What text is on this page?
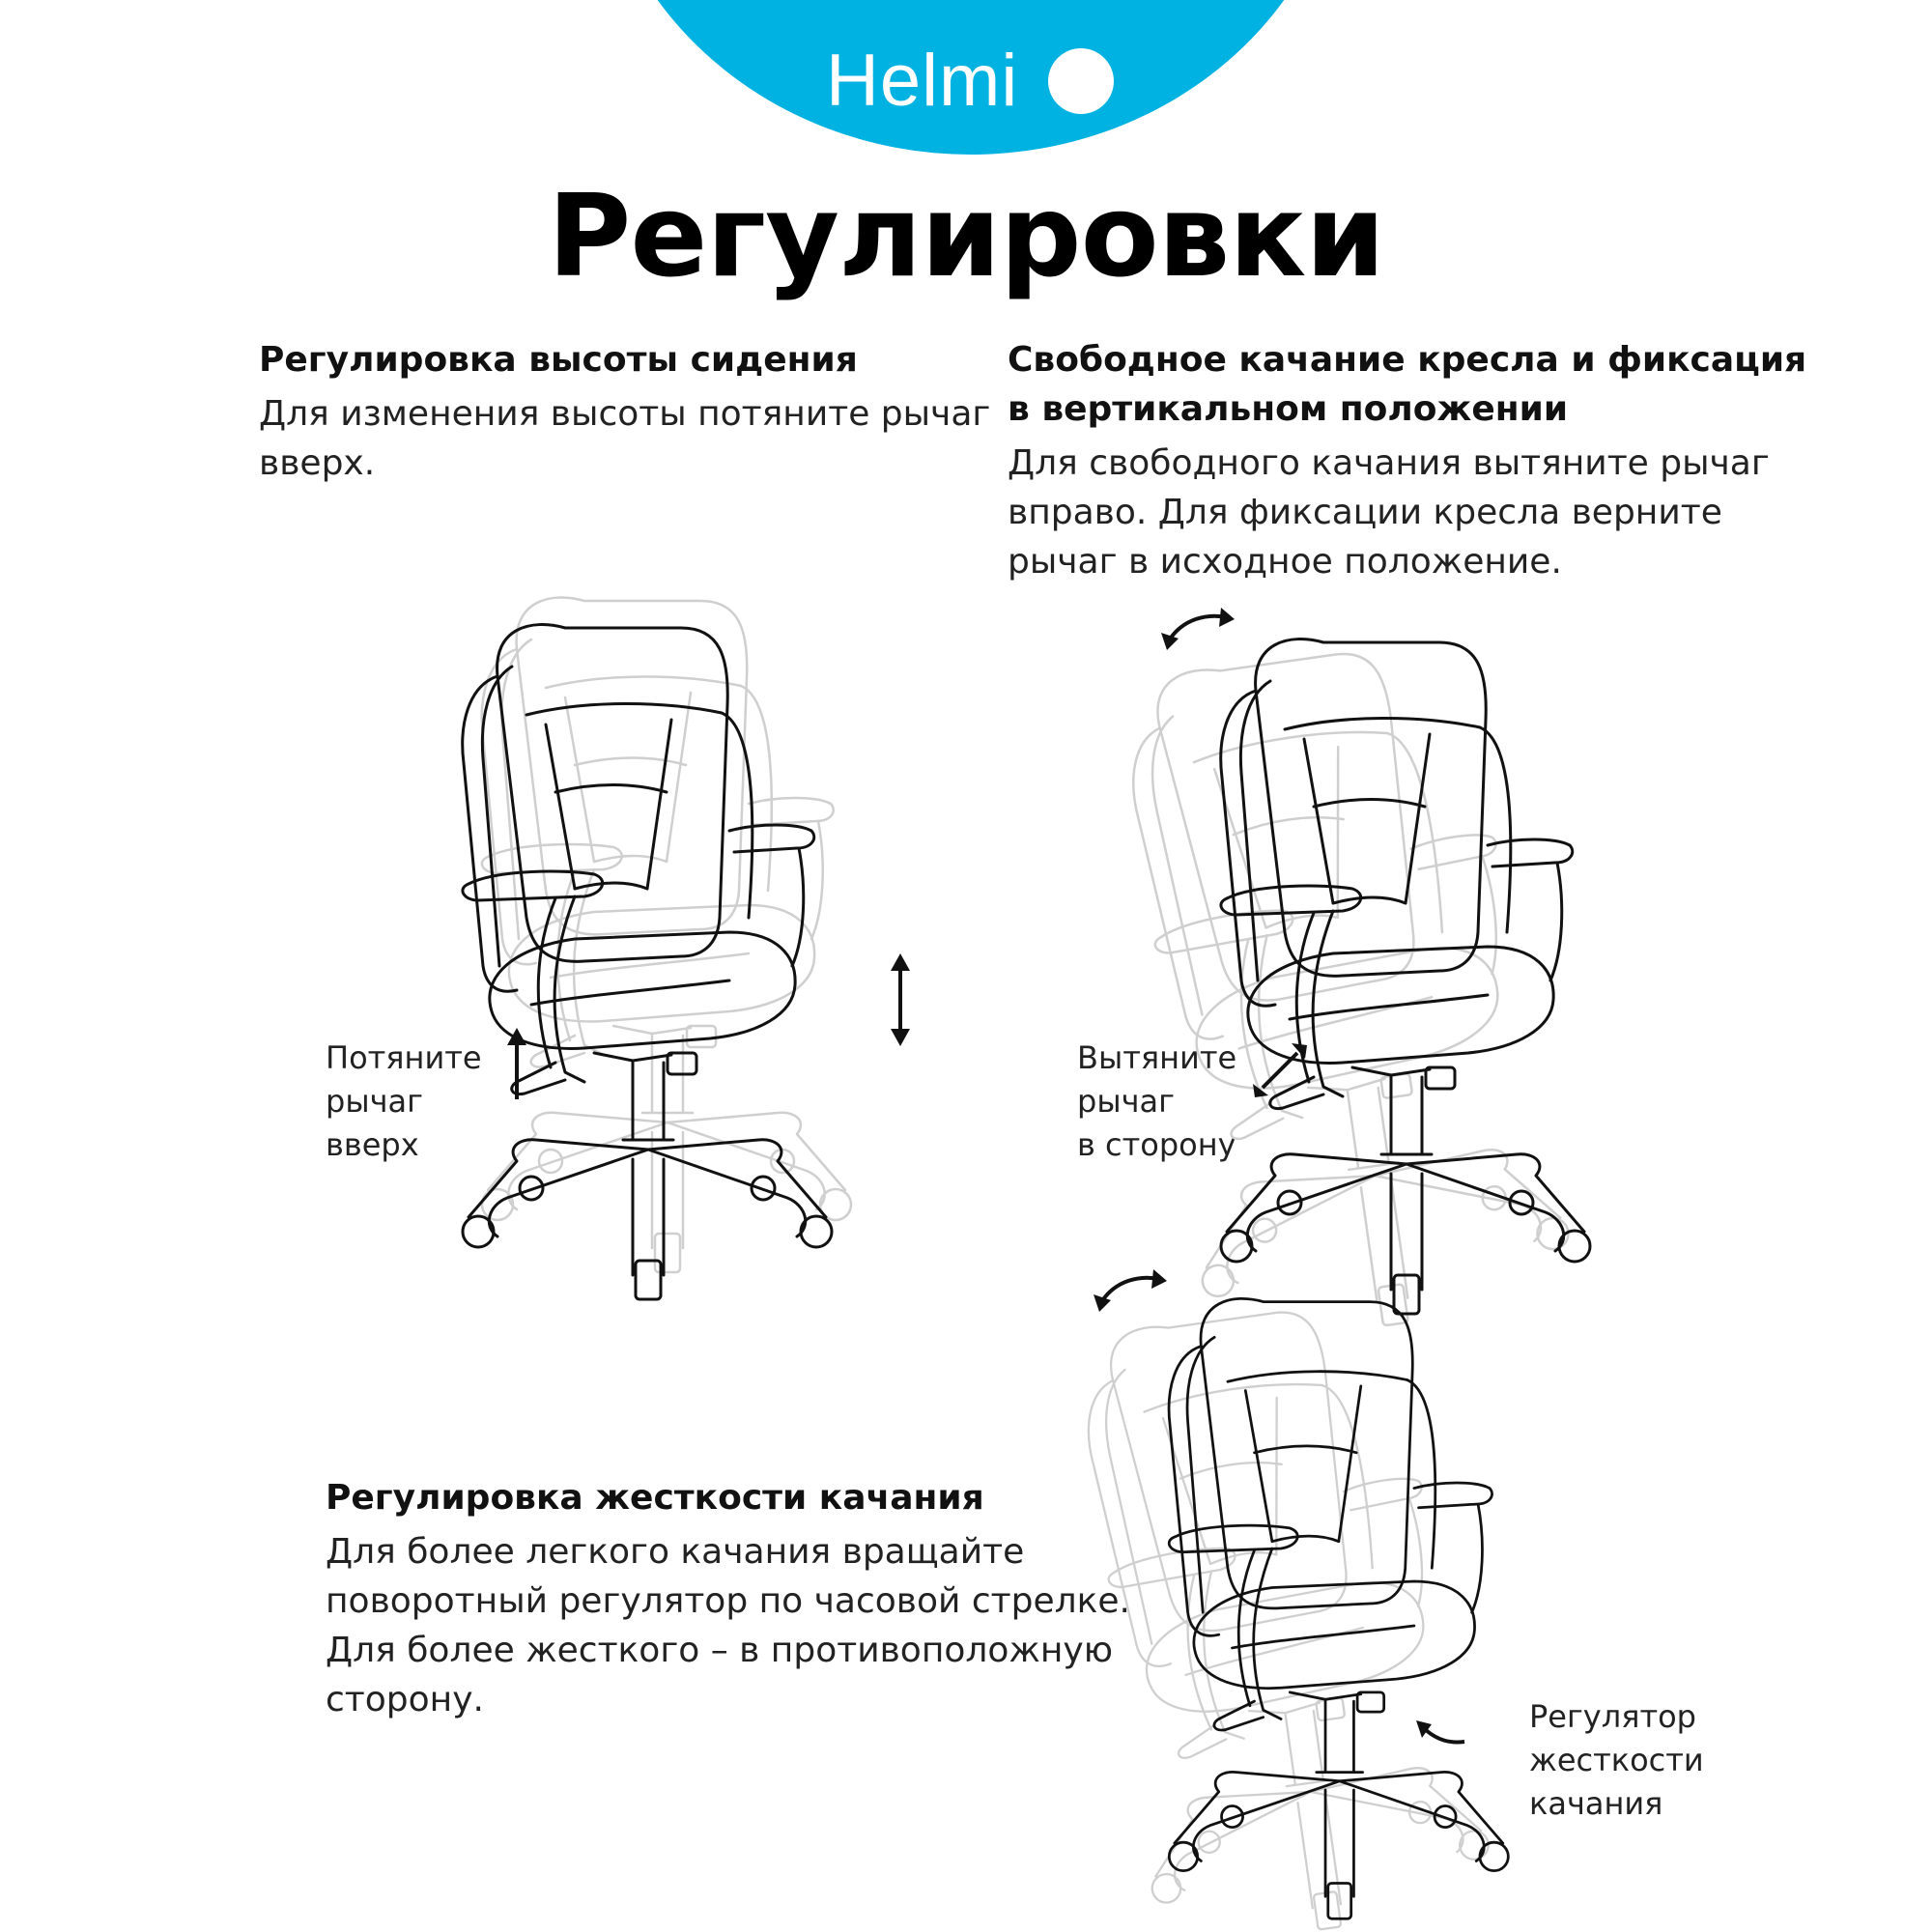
Helmi
Регулировки
Регулировка высоты сидения
Для изменения высоты потяните рычаг
вверх.
Свободное качание кресла и фиксация
в вертикальном положении
Для свободного качания вытяните рычаг
вправо. Для фиксации кресла верните
рычаг в исходное положение.
Регулировка жесткости качания
Для более легкого качания вращайте
поворотный регулятор по часовой стрелке.
Для более жесткого – в противоположную
сторону.
Потяните
рычаг
вверх
Вытяните
рычаг
в сторону
Регулятор
жесткости
качания
